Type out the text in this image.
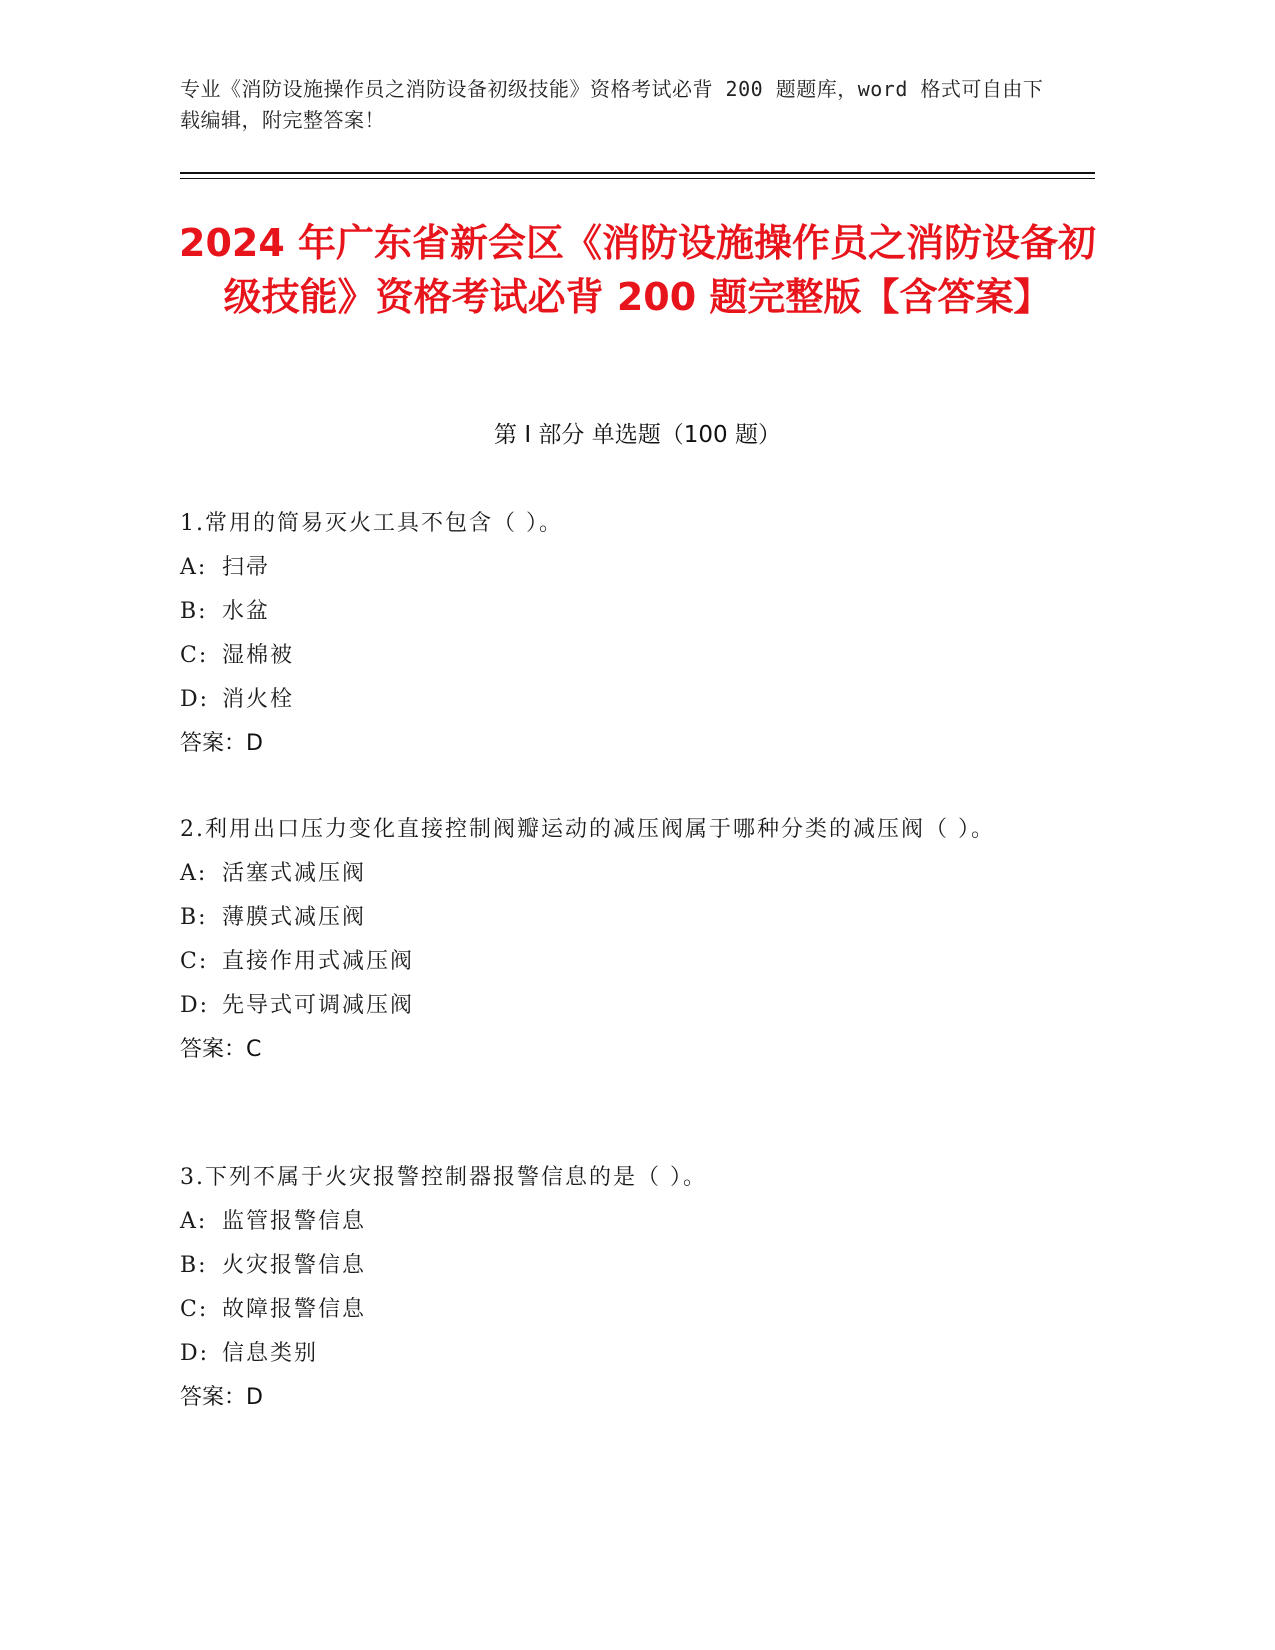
专业《消防设施操作员之消防设备初级技能》资格考试必背 200 题题库，word 格式可自由下载编辑，附完整答案！
2024 年广东省新会区《消防设施操作员之消防设备初级技能》资格考试必背 200 题完整版【含答案】
第 I 部分 单选题（100 题）
1.常用的简易灭火工具不包含（ ）。
A: 扫帚
B: 水盆
C: 湿棉被
D: 消火栓
答案：D
2.利用出口压力变化直接控制阀瓣运动的减压阀属于哪种分类的减压阀（ ）。
A: 活塞式减压阀
B: 薄膜式减压阀
C: 直接作用式减压阀
D: 先导式可调减压阀
答案：C
3.下列不属于火灾报警控制器报警信息的是（ ）。
A: 监管报警信息
B: 火灾报警信息
C: 故障报警信息
D: 信息类别
答案：D
